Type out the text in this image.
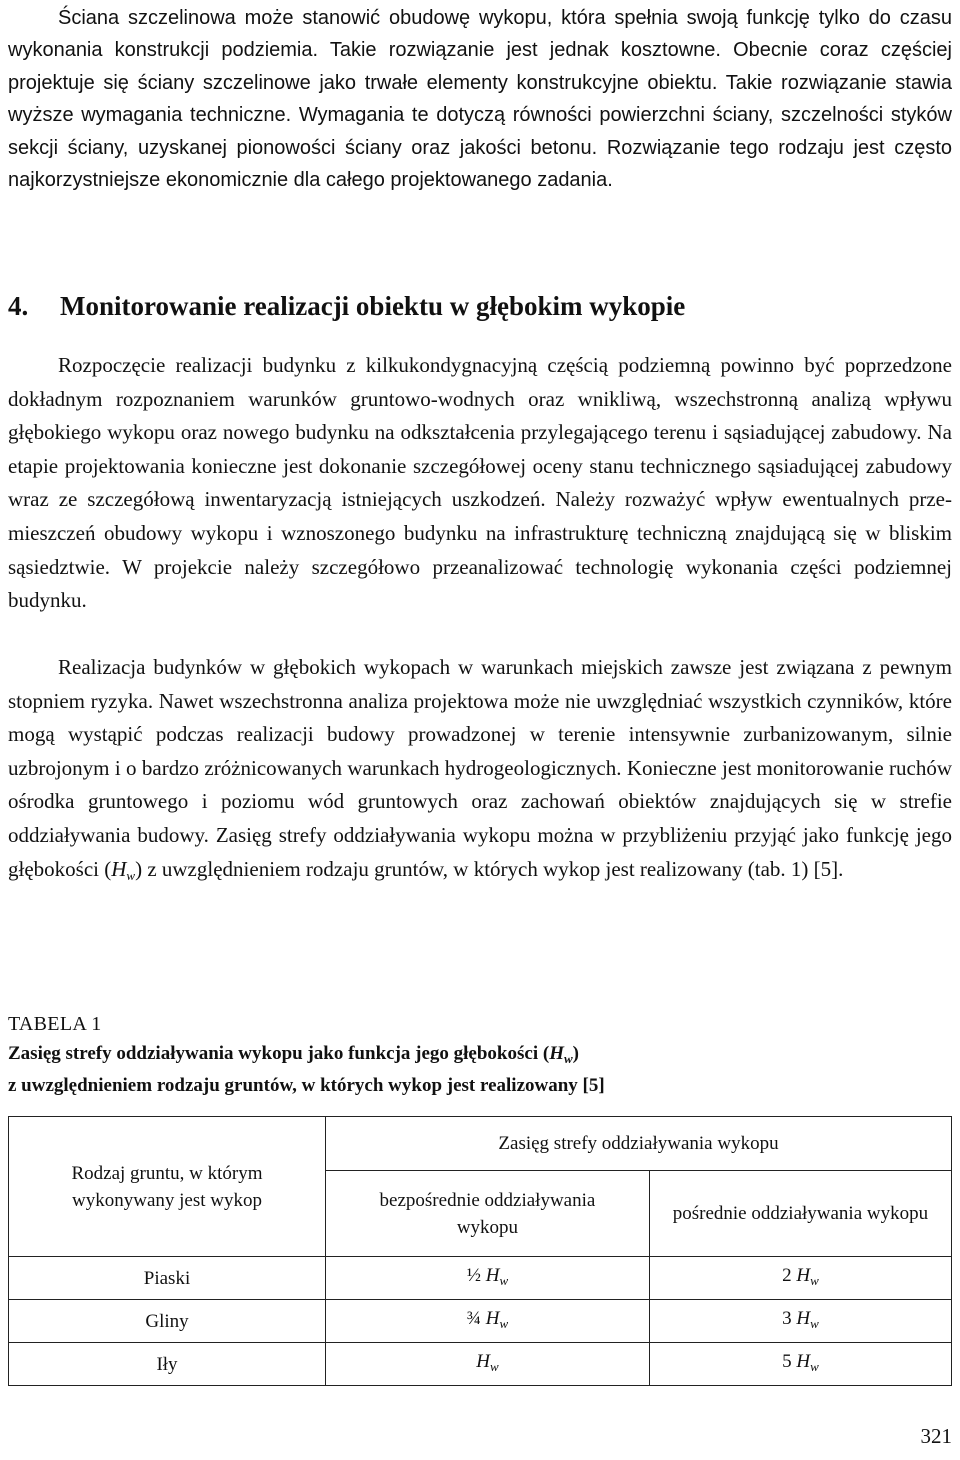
Ściana szczelinowa może stanowić obudowę wykopu, która spełnia swoją funkcję tylko do czasu wykonania konstrukcji podziemia. Takie rozwiązanie jest jednak kosztowne. Obecnie coraz częściej projektuje się ściany szczelinowe jako trwałe elementy konstrukcyjne obiektu. Takie rozwiązanie stawia wyższe wymagania techniczne. Wymagania te dotyczą równości powierzchni ściany, szczelności styków sekcji ściany, uzyskanej pionowości ściany oraz jakości betonu. Rozwiązanie tego rodzaju jest często najkorzystniejsze ekonomicznie dla całego projektowanego zadania.

4. Monitorowanie realizacji obiektu w głębokim wykopie

Rozpoczęcie realizacji budynku z kilkukondygnacyjną częścią podziemną powinno być poprzedzone dokładnym rozpoznaniem warunków gruntowo-wodnych oraz wnikliwą, wszechstronną analizą wpływu głębokiego wykopu oraz nowego budynku na odkształcenia przylegającego terenu i sąsiadującej zabudowy. Na etapie projektowania konieczne jest dokonanie szczegółowej oceny stanu technicznego sąsiadującej zabudowy wraz ze szczegółową inwentaryzacją istniejących uszkodzeń. Należy rozważyć wpływ ewentualnych przemieszczeń obudowy wykopu i wznoszonego budynku na infrastrukturę techniczną znajdującą się w bliskim sąsiedztwie. W projekcie należy szczegółowo przeanalizować technologię wykonania części podziemnej budynku.

Realizacja budynków w głębokich wykopach w warunkach miejskich zawsze jest związana z pewnym stopniem ryzyka. Nawet wszechstronna analiza projektowa może nie uwzględniać wszystkich czynników, które mogą wystąpić podczas realizacji budowy prowadzonej w terenie intensywnie zurbanizowanym, silnie uzbrojonym i o bardzo zróżnicowanych warunkach hydrogeologicznych. Konieczne jest monitorowanie ruchów ośrodka gruntowego i poziomu wód gruntowych oraz zachowań obiektów znajdujących się w strefie oddziaływania budowy. Zasięg strefy oddziaływania wykopu można w przybliżeniu przyjąć jako funkcję jego głębokości $(H_w)$ z uwzględnieniem rodzaju gruntów, w których wykop jest realizowany (tab. 1) [5].

TABELA 1

Zasięg strefy oddziaływania wykopu jako funkcja jego głębokości $(H_w)$
z uwzględnieniem rodzaju gruntów, w których wykop jest realizowany [5]

Rodzaj gruntu, w którym wykonywany jest wykop	Zasięg strefy oddziaływania wykopu	
	bezpośrednie oddziaływania wykopu	pośrednie oddziaływania wykopu
Piaski	½ $H_w$	2 $H_w$
Gliny	¾ $H_w$	3 $H_w$
Iły	$H_w$	5 $H_w$

321
